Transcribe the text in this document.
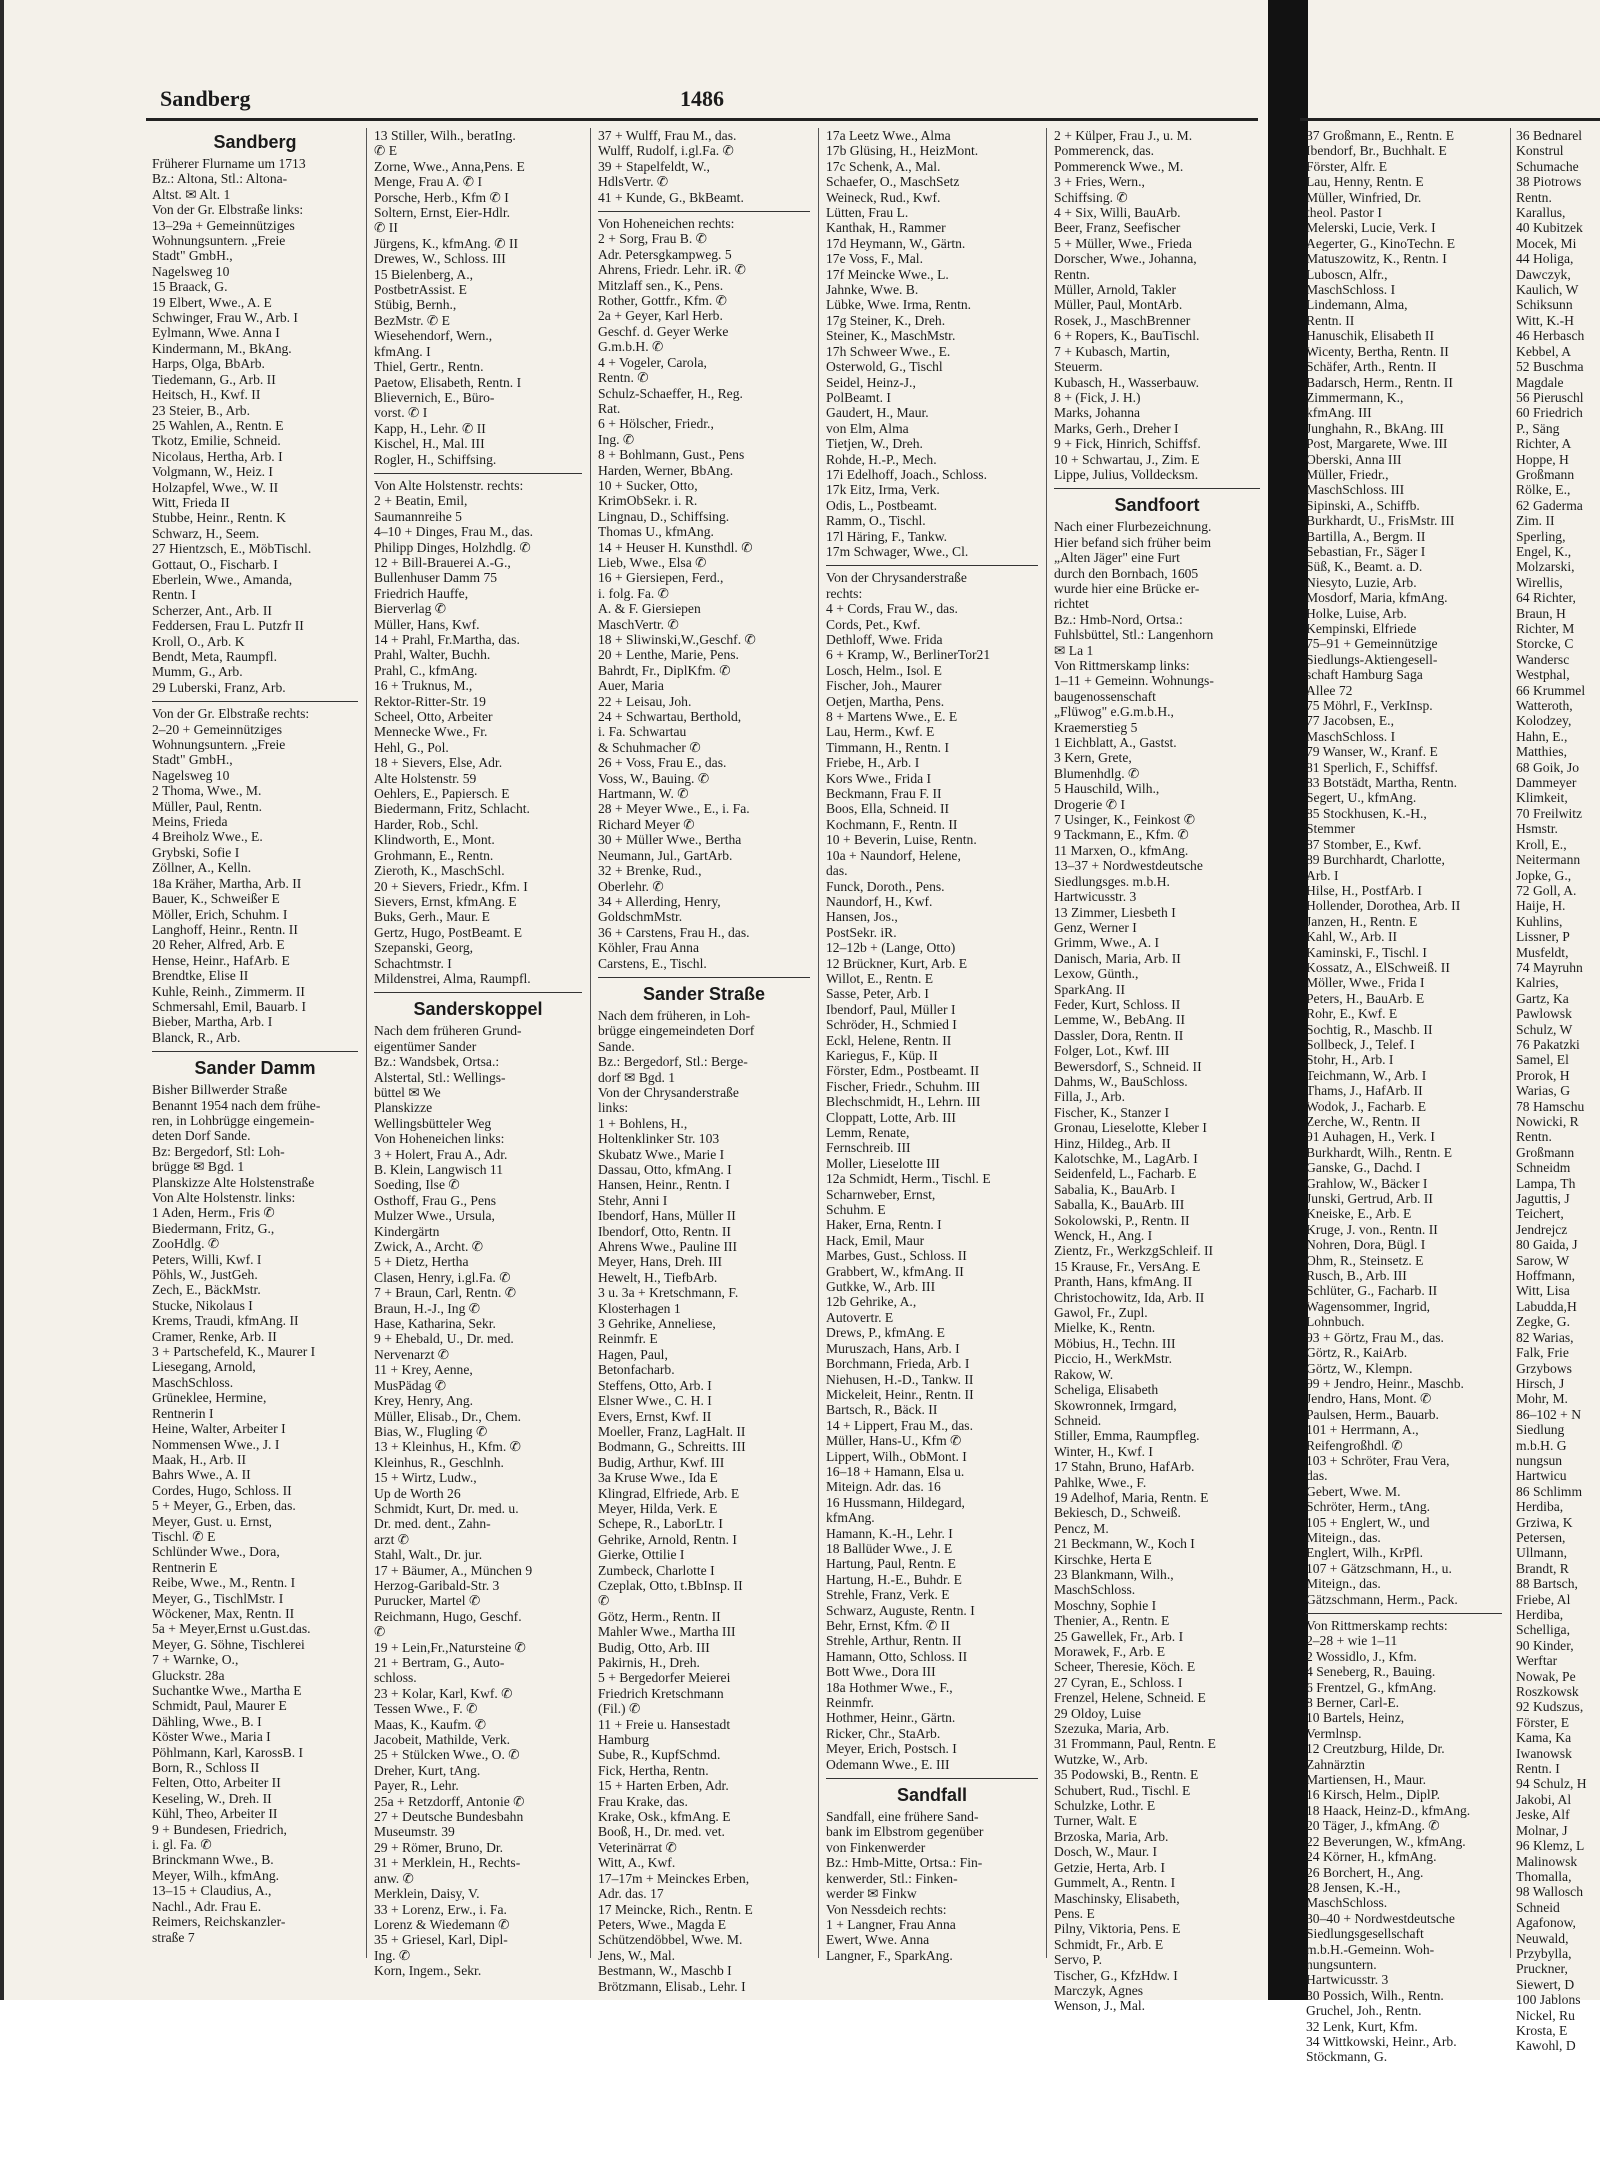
Sandberg	1486
Sandberg
Früherer Flurname um 1713
Bz.: Altona, Stl.: Altona-
Altst. ✉ Alt. 1
Von der Gr. Elbstraße links:
13–29a + Gemeinnütziges
Wohnungsuntern. „Freie
Stadt" GmbH.,
Nagelsweg 10
15 Braack, G.
19 Elbert, Wwe., A. E
Schwinger, Frau W., Arb. I
Eylmann, Wwe. Anna I
Kindermann, M., BkAng.
Harps, Olga, BbArb.
Tiedemann, G., Arb. II
Heitsch, H., Kwf. II
23 Steier, B., Arb.
25 Wahlen, A., Rentn. E
Tkotz, Emilie, Schneid.
Nicolaus, Hertha, Arb. I
Volgmann, W., Heiz. I
Holzapfel, Wwe., W. II
Witt, Frieda II
Stubbe, Heinr., Rentn. K
Schwarz, H., Seem.
27 Hientzsch, E., MöbTischl.
Gottaut, O., Fischarb. I
Eberlein, Wwe., Amanda,
Rentn. I
Scherzer, Ant., Arb. II
Feddersen, Frau L. Putzfr II
Kroll, O., Arb. K
Bendt, Meta, Raumpfl.
Mumm, G., Arb.
29 Luberski, Franz, Arb.
Von der Gr. Elbstraße rechts:
2–20 + Gemeinnütziges
Wohnungsuntern. „Freie
Stadt" GmbH.,
Nagelsweg 10
2 Thoma, Wwe., M.
Müller, Paul, Rentn.
Meins, Frieda
4 Breiholz Wwe., E.
Grybski, Sofie I
Zöllner, A., Kelln.
18a Kräher, Martha, Arb. II
Bauer, K., Schweißer E
Möller, Erich, Schuhm. I
Langhoff, Heinr., Rentn. II
20 Reher, Alfred, Arb. E
Hense, Heinr., HafArb. E
Brendtke, Elise II
Kuhle, Reinh., Zimmerm. II
Schmersahl, Emil, Bauarb. I
Bieber, Martha, Arb. I
Blanck, R., Arb.
Sander Damm
Bisher Billwerder Straße
Benannt 1954 nach dem frühe-
ren, in Lohbrügge eingemein-
deten Dorf Sande.
Bz: Bergedorf, Stl: Loh-
brügge ✉ Bgd. 1
Planskizze Alte Holstenstraße
Von Alte Holstenstr. links:
1 Aden, Herm., Fris ✆
Biedermann, Fritz, G.,
ZooHdlg. ✆
Peters, Willi, Kwf. I
Pöhls, W., JustGeh.
Zech, E., BäckMstr.
Stucke, Nikolaus I
Krems, Traudi, kfmAng. II
Cramer, Renke, Arb. II
3 + Partschefeld, K., Maurer I
Liesegang, Arnold,
MaschSchloss.
Grüneklee, Hermine,
Rentnerin I
Heine, Walter, Arbeiter I
Nommensen Wwe., J. I
Maak, H., Arb. II
Bahrs Wwe., A. II
Cordes, Hugo, Schloss. II
5 + Meyer, G., Erben, das.
Meyer, Gust. u. Ernst,
Tischl. ✆ E
Schlünder Wwe., Dora,
Rentnerin E
Reibe, Wwe., M., Rentn. I
Meyer, G., TischlMstr. I
Wöckener, Max, Rentn. II
5a + Meyer,Ernst u.Gust.das.
Meyer, G. Söhne, Tischlerei
7 + Warnke, O.,
Gluckstr. 28a
Suchantke Wwe., Martha E
Schmidt, Paul, Maurer E
Dähling, Wwe., B. I
Köster Wwe., Maria I
Pöhlmann, Karl, KarossB. I
Born, R., Schloss II
Felten, Otto, Arbeiter II
Keseling, W., Dreh. II
Kühl, Theo, Arbeiter II
9 + Bundesen, Friedrich,
i. gl. Fa. ✆
Brinckmann Wwe., B.
Meyer, Wilh., kfmAng.
13–15 + Claudius, A.,
Nachl., Adr. Frau E.
Reimers, Reichskanzler-
straße 7
13 Stiller, Wilh., beratIng.
✆ E
Zorne, Wwe., Anna,Pens. E
Menge, Frau A. ✆ I
Porsche, Herb., Kfm ✆ I
Soltern, Ernst, Eier-Hdlr.
✆ II
Jürgens, K., kfmAng. ✆ II
Drewes, W., Schloss. III
15 Bielenberg, A.,
PostbetrAssist. E
Stübig, Bernh.,
BezMstr. ✆ E
Wiesehendorf, Wern.,
kfmAng. I
Thiel, Gertr., Rentn.
Paetow, Elisabeth, Rentn. I
Blievernich, E., Büro-
vorst. ✆ I
Kapp, H., Lehr. ✆ II
Kischel, H., Mal. III
Rogler, H., Schiffsing.
Von Alte Holstenstr. rechts:
2 + Beatin, Emil,
Saumannreihe 5
4–10 + Dinges, Frau M., das.
Philipp Dinges, Holzhdlg. ✆
12 + Bill-Brauerei A.-G.,
Bullenhuser Damm 75
Friedrich Hauffe,
Bierverlag ✆
Müller, Hans, Kwf.
14 + Prahl, Fr.Martha, das.
Prahl, Walter, Buchh.
Prahl, C., kfmAng.
16 + Truknus, M.,
Rektor-Ritter-Str. 19
Scheel, Otto, Arbeiter
Mennecke Wwe., Fr.
Hehl, G., Pol.
18 + Sievers, Else, Adr.
Alte Holstenstr. 59
Oehlers, E., Papiersch. E
Biedermann, Fritz, Schlacht.
Harder, Rob., Schl.
Klindworth, E., Mont.
Grohmann, E., Rentn.
Zieroth, K., MaschSchl.
20 + Sievers, Friedr., Kfm. I
Sievers, Ernst, kfmAng. E
Buks, Gerh., Maur. E
Gertz, Hugo, PostBeamt. E
Szepanski, Georg,
Schachtmstr. I
Mildenstrei, Alma, Raumpfl.
Sanderskoppel
Nach dem früheren Grund-
eigentümer Sander
Bz.: Wandsbek, Ortsa.:
Alstertal, Stl.: Wellings-
büttel ✉ We
Planskizze
Wellingsbütteler Weg
Von Hoheneichen links:
3 + Holert, Frau A., Adr.
B. Klein, Langwisch 11
Soeding, Ilse ✆
Osthoff, Frau G., Pens
Mulzer Wwe., Ursula,
Kindergärtn
Zwick, A., Archt. ✆
5 + Dietz, Hertha
Clasen, Henry, i.gl.Fa. ✆
7 + Braun, Carl, Rentn. ✆
Braun, H.-J., Ing ✆
Hase, Katharina, Sekr.
9 + Ehebald, U., Dr. med.
Nervenarzt ✆
11 + Krey, Aenne,
MusPädag ✆
Krey, Henry, Ang.
Müller, Elisab., Dr., Chem.
Bias, W., Flugling ✆
13 + Kleinhus, H., Kfm. ✆
Kleinhus, R., Geschlnh.
15 + Wirtz, Ludw.,
Up de Worth 26
Schmidt, Kurt, Dr. med. u.
Dr. med. dent., Zahn-
arzt ✆
Stahl, Walt., Dr. jur.
17 + Bäumer, A., München 9
Herzog-Garibald-Str. 3
Purucker, Martel ✆
Reichmann, Hugo, Geschf.
✆
19 + Lein,Fr.,Natursteine ✆
21 + Bertram, G., Auto-
schloss.
23 + Kolar, Karl, Kwf. ✆
Tessen Wwe., F. ✆
Maas, K., Kaufm. ✆
Jacobeit, Mathilde, Verk.
25 + Stülcken Wwe., O. ✆
Dreher, Kurt, tAng.
Payer, R., Lehr.
25a + Retzdorff, Antonie ✆
27 + Deutsche Bundesbahn
Museumstr. 39
29 + Römer, Bruno, Dr.
31 + Merklein, H., Rechts-
anw. ✆
Merklein, Daisy, V.
33 + Lorenz, Erw., i. Fa.
Lorenz & Wiedemann ✆
35 + Griesel, Karl, Dipl-
Ing. ✆
Korn, Ingem., Sekr.
37 + Wulff, Frau M., das.
Wulff, Rudolf, i.gl.Fa. ✆
39 + Stapelfeldt, W.,
HdlsVertr. ✆
41 + Kunde, G., BkBeamt.
Von Hoheneichen rechts:
2 + Sorg, Frau B. ✆
Adr. Petersgkampweg. 5
Ahrens, Friedr. Lehr. iR. ✆
Mitzlaff sen., K., Pens.
Rother, Gottfr., Kfm. ✆
2a + Geyer, Karl Herb.
Geschf. d. Geyer Werke
G.m.b.H. ✆
4 + Vogeler, Carola,
Rentn. ✆
Schulz-Schaeffer, H., Reg.
Rat.
6 + Hölscher, Friedr.,
Ing. ✆
8 + Bohlmann, Gust., Pens
Harden, Werner, BbAng.
10 + Sucker, Otto,
KrimObSekr. i. R.
Lingnau, D., Schiffsing.
Thomas U., kfmAng.
14 + Heuser H. Kunsthdl. ✆
Lieb, Wwe., Elsa ✆
16 + Giersiepen, Ferd.,
i. folg. Fa. ✆
A. & F. Giersiepen
MaschVertr. ✆
18 + Sliwinski,W.,Geschf. ✆
20 + Lenthe, Marie, Pens.
Bahrdt, Fr., DiplKfm. ✆
Auer, Maria
22 + Leisau, Joh.
24 + Schwartau, Berthold,
i. Fa. Schwartau
& Schuhmacher ✆
26 + Voss, Frau E., das.
Voss, W., Bauing. ✆
Hartmann, W. ✆
28 + Meyer Wwe., E., i. Fa.
Richard Meyer ✆
30 + Müller Wwe., Bertha
Neumann, Jul., GartArb.
32 + Brenke, Rud.,
Oberlehr. ✆
34 + Allerding, Henry,
GoldschmMstr.
36 + Carstens, Frau H., das.
Köhler, Frau Anna
Carstens, E., Tischl.
Sander Straße
Nach dem früheren, in Loh-
brügge eingemeindeten Dorf
Sande.
Bz.: Bergedorf, Stl.: Berge-
dorf ✉ Bgd. 1
Von der Chrysanderstraße
links:
1 + Bohlens, H.,
Holtenklinker Str. 103
Skubatz Wwe., Marie I
Dassau, Otto, kfmAng. I
Hansen, Heinr., Rentn. I
Stehr, Anni I
Ibendorf, Hans, Müller II
Ibendorf, Otto, Rentn. II
Ahrens Wwe., Pauline III
Meyer, Hans, Dreh. III
Hewelt, H., TiefbArb.
3 u. 3a + Kretschmann, F.
Klosterhagen 1
3 Gehrike, Anneliese,
Reinmfr. E
Hagen, Paul,
Betonfacharb.
Steffens, Otto, Arb. I
Elsner Wwe., C. H. I
Evers, Ernst, Kwf. II
Moeller, Franz, LagHalt. II
Bodmann, G., Schreitts. III
Budig, Arthur, Kwf. III
3a Kruse Wwe., Ida E
Klingrad, Elfriede, Arb. E
Meyer, Hilda, Verk. E
Schepe, R., LaborLtr. I
Gehrike, Arnold, Rentn. I
Gierke, Ottilie I
Zumbeck, Charlotte I
Czeplak, Otto, t.BbInsp. II
✆
Götz, Herm., Rentn. II
Mahler Wwe., Martha III
Budig, Otto, Arb. III
Pakirnis, H., Dreh.
5 + Bergedorfer Meierei
Friedrich Kretschmann
(Fil.) ✆
11 + Freie u. Hansestadt
Hamburg
Sube, R., KupfSchmd.
Fick, Hertha, Rentn.
15 + Harten Erben, Adr.
Frau Krake, das.
Krake, Osk., kfmAng. E
Booß, H., Dr. med. vet.
Veterinärrat ✆
Witt, A., Kwf.
17–17m + Meinckes Erben,
Adr. das. 17
17 Meincke, Rich., Rentn. E
Peters, Wwe., Magda E
Schützendöbbel, Wwe. M.
Jens, W., Mal.
Bestmann, W., Maschb I
Brötzmann, Elisab., Lehr. I
17a Leetz Wwe., Alma
17b Glüsing, H., HeizMont.
17c Schenk, A., Mal.
Schaefer, O., MaschSetz
Weineck, Rud., Kwf.
Lütten, Frau L.
Kanthak, H., Rammer
17d Heymann, W., Gärtn.
17e Voss, F., Mal.
17f Meincke Wwe., L.
Jahnke, Wwe. B.
Lübke, Wwe. Irma, Rentn.
17g Steiner, K., Dreh.
Steiner, K., MaschMstr.
17h Schweer Wwe., E.
Osterwold, G., Tischl
Seidel, Heinz-J.,
PolBeamt. I
Gaudert, H., Maur.
von Elm, Alma
Tietjen, W., Dreh.
Rohde, H.-P., Mech.
17i Edelhoff, Joach., Schloss.
17k Eitz, Irma, Verk.
Odis, L., Postbeamt.
Ramm, O., Tischl.
17l Häring, F., Tankw.
17m Schwager, Wwe., Cl.
Von der Chrysanderstraße
rechts:
4 + Cords, Frau W., das.
Cords, Pet., Kwf.
Dethloff, Wwe. Frida
6 + Kramp, W., BerlinerTor21
Losch, Helm., Isol. E
Fischer, Joh., Maurer
Oetjen, Martha, Pens.
8 + Martens Wwe., E. E
Lau, Herm., Kwf. E
Timmann, H., Rentn. I
Friebe, H., Arb. I
Kors Wwe., Frida I
Beckmann, Frau F. II
Boos, Ella, Schneid. II
Kochmann, F., Rentn. II
10 + Beverin, Luise, Rentn.
10a + Naundorf, Helene,
das.
Funck, Doroth., Pens.
Naundorf, H., Kwf.
Hansen, Jos.,
PostSekr. iR.
12–12b + (Lange, Otto)
12 Brückner, Kurt, Arb. E
Willot, E., Rentn. E
Sasse, Peter, Arb. I
Ibendorf, Paul, Müller I
Schröder, H., Schmied I
Eckl, Helene, Rentn. II
Kariegus, F., Küp. II
Förster, Edm., Postbeamt. II
Fischer, Friedr., Schuhm. III
Blechschmidt, H., Lehrn. III
Cloppatt, Lotte, Arb. III
Lemm, Renate,
Fernschreib. III
Moller, Lieselotte III
12a Schmidt, Herm., Tischl. E
Scharnweber, Ernst,
Schuhm. E
Haker, Erna, Rentn. I
Hack, Emil, Maur
Marbes, Gust., Schloss. II
Grabbert, W., kfmAng. II
Gutkke, W., Arb. III
12b Gehrike, A.,
Autovertr. E
Drews, P., kfmAng. E
Muruszach, Hans, Arb. I
Borchmann, Frieda, Arb. I
Niehusen, H.-D., Tankw. II
Mickeleit, Heinr., Rentn. II
Bartsch, R., Bäck. II
14 + Lippert, Frau M., das.
Müller, Hans-U., Kfm ✆
Lippert, Wilh., ObMont. I
16–18 + Hamann, Elsa u.
Miteign. Adr. das. 16
16 Hussmann, Hildegard,
kfmAng.
Hamann, K.-H., Lehr. I
18 Ballüder Wwe., J. E
Hartung, Paul, Rentn. E
Hartung, H.-E., Buhdr. E
Strehle, Franz, Verk. E
Schwarz, Auguste, Rentn. I
Behr, Ernst, Kfm. ✆ II
Strehle, Arthur, Rentn. II
Hamann, Otto, Schloss. II
Bott Wwe., Dora III
18a Hothmer Wwe., F.,
Reinmfr.
Hothmer, Heinr., Gärtn.
Ricker, Chr., StaArb.
Meyer, Erich, Postsch. I
Odemann Wwe., E. III
Sandfall
Sandfall, eine frühere Sand-
bank im Elbstrom gegenüber
von Finkenwerder
Bz.: Hmb-Mitte, Ortsa.: Fin-
kenwerder, Stl.: Finken-
werder ✉ Finkw
Von Nessdeich rechts:
1 + Langner, Frau Anna
Ewert, Wwe. Anna
Langner, F., SparkAng.
2 + Külper, Frau J., u. M.
Pommerenck, das.
Pommerenck Wwe., M.
3 + Fries, Wern.,
Schiffsing. ✆
4 + Six, Willi, BauArb.
Beer, Franz, Seefischer
5 + Müller, Wwe., Frieda
Dorscher, Wwe., Johanna,
Rentn.
Müller, Arnold, Takler
Müller, Paul, MontArb.
Rosek, J., MaschBrenner
6 + Ropers, K., BauTischl.
7 + Kubasch, Martin,
Steuerm.
Kubasch, H., Wasserbauw.
8 + (Fick, J. H.)
Marks, Johanna
Marks, Gerh., Dreher I
9 + Fick, Hinrich, Schiffsf.
10 + Schwartau, J., Zim. E
Lippe, Julius, Volldecksm.
Sandfoort
Nach einer Flurbezeichnung.
Hier befand sich früher beim
„Alten Jäger" eine Furt
durch den Bornbach, 1605
wurde hier eine Brücke er-
richtet
Bz.: Hmb-Nord, Ortsa.:
Fuhlsbüttel, Stl.: Langenhorn
✉ La 1
Von Rittmerskamp links:
1–11 + Gemeinn. Wohnungs-
baugenossenschaft
„Flüwog" e.G.m.b.H.,
Kraemerstieg 5
1 Eichblatt, A., Gastst.
3 Kern, Grete,
Blumenhdlg. ✆
5 Hauschild, Wilh.,
Drogerie ✆ I
7 Usinger, K., Feinkost ✆
9 Tackmann, E., Kfm. ✆
11 Marxen, O., kfmAng.
13–37 + Nordwestdeutsche
Siedlungsges. m.b.H.
Hartwicusstr. 3
13 Zimmer, Liesbeth I
Genz, Werner I
Grimm, Wwe., A. I
Danisch, Maria, Arb. II
Lexow, Günth.,
SparkAng. II
Feder, Kurt, Schloss. II
Lemme, W., BebAng. II
Dassler, Dora, Rentn. II
Folger, Lot., Kwf. III
Bewersdorf, S., Schneid. II
Dahms, W., BauSchloss.
Filla, J., Arb.
Fischer, K., Stanzer I
Gronau, Lieselotte, Kleber I
Hinz, Hildeg., Arb. II
Kalotschke, M., LagArb. I
Seidenfeld, L., Facharb. E
Sabalia, K., BauArb. I
Saballa, K., BauArb. III
Sokolowski, P., Rentn. II
Wenck, H., Ang. I
Zientz, Fr., WerkzgSchleif. II
15 Krause, Fr., VersAng. E
Pranth, Hans, kfmAng. II
Christochowitz, Ida, Arb. II
Gawol, Fr., Zupl.
Mielke, K., Rentn.
Möbius, H., Techn. III
Piccio, H., WerkMstr.
Rakow, W.
Scheliga, Elisabeth
Skowronnek, Irmgard,
Schneid.
Stiller, Emma, Raumpfleg.
Winter, H., Kwf. I
17 Stahn, Bruno, HafArb.
Pahlke, Wwe., F.
19 Adelhof, Maria, Rentn. E
Bekiesch, D., Schweiß.
Pencz, M.
21 Beckmann, W., Koch I
Kirschke, Herta E
23 Blankmann, Wilh.,
MaschSchloss.
Moschny, Sophie I
Thenier, A., Rentn. E
25 Gawellek, Fr., Arb. I
Morawek, F., Arb. E
Scheer, Theresie, Köch. E
27 Cyran, E., Schloss. I
Frenzel, Helene, Schneid. E
29 Oldoy, Luise
Szezuka, Maria, Arb.
31 Frommann, Paul, Rentn. E
Wutzke, W., Arb.
35 Podowski, B., Rentn. E
Schubert, Rud., Tischl. E
Schulzke, Lothr. E
Turner, Walt. E
Brzoska, Maria, Arb.
Dosch, W., Maur. I
Getzie, Herta, Arb. I
Gummelt, A., Rentn. I
Maschinsky, Elisabeth,
Pens. E
Pilny, Viktoria, Pens. E
Schmidt, Fr., Arb. E
Servo, P.
Tischer, G., KfzHdw. I
Marczyk, Agnes
Wenson, J., Mal.
37 Großmann, E., Rentn. E
Ibendorf, Br., Buchhalt. E
Förster, Alfr. E
Lau, Henny, Rentn. E
Müller, Winfried, Dr.
theol. Pastor I
Melerski, Lucie, Verk. I
Aegerter, G., KinoTechn. E
Matuszowitz, K., Rentn. I
Luboscn, Alfr.,
MaschSchloss. I
Lindemann, Alma,
Rentn. II
Hanuschik, Elisabeth II
Wicenty, Bertha, Rentn. II
Schäfer, Arth., Rentn. II
Badarsch, Herm., Rentn. II
Zimmermann, K.,
kfmAng. III
Junghahn, R., BkAng. III
Post, Margarete, Wwe. III
Oberski, Anna III
Müller, Friedr.,
MaschSchloss. III
Sipinski, A., Schiffb.
Burkhardt, U., FrisMstr. III
Bartilla, A., Bergm. II
Sebastian, Fr., Säger I
Süß, K., Beamt. a. D.
Niesyto, Luzie, Arb.
Mosdorf, Maria, kfmAng.
Holke, Luise, Arb.
Kempinski, Elfriede
75–91 + Gemeinnützige
Siedlungs-Aktiengesell-
schaft Hamburg Saga
Allee 72
75 Möhrl, F., VerkInsp.
77 Jacobsen, E.,
MaschSchloss. I
79 Wanser, W., Kranf. E
81 Sperlich, F., Schiffsf.
83 Botstädt, Martha, Rentn.
Segert, U., kfmAng.
85 Stockhusen, K.-H.,
Stemmer
87 Stomber, E., Kwf.
89 Burchhardt, Charlotte,
Arb. I
Hilse, H., PostfArb. I
Hollender, Dorothea, Arb. II
Janzen, H., Rentn. E
Kahl, W., Arb. II
Kaminski, F., Tischl. I
Kossatz, A., ElSchweiß. II
Möller, Wwe., Frida I
Peters, H., BauArb. E
Rohr, E., Kwf. E
Sochtig, R., Maschb. II
Sollbeck, J., Telef. I
Stohr, H., Arb. I
Teichmann, W., Arb. I
Thams, J., HafArb. II
Wodok, J., Facharb. E
Zerche, W., Rentn. II
91 Auhagen, H., Verk. I
Burkhardt, Wilh., Rentn. E
Ganske, G., Dachd. I
Grahlow, W., Bäcker I
Junski, Gertrud, Arb. II
Kneiske, E., Arb. E
Kruge, J. von., Rentn. II
Nohren, Dora, Bügl. I
Ohm, R., Steinsetz. E
Rusch, B., Arb. III
Schlüter, G., Facharb. II
Wagensommer, Ingrid,
Lohnbuch.
93 + Görtz, Frau M., das.
Görtz, R., KaiArb.
Görtz, W., Klempn.
99 + Jendro, Heinr., Maschb.
Jendro, Hans, Mont. ✆
Paulsen, Herm., Bauarb.
101 + Herrmann, A.,
Reifengroßhdl. ✆
103 + Schröter, Frau Vera,
das.
Gebert, Wwe. M.
Schröter, Herm., tAng.
105 + Englert, W., und
Miteign., das.
Englert, Wilh., KrPfl.
107 + Gätzschmann, H., u.
Miteign., das.
Gätzschmann, Herm., Pack.
Von Rittmerskamp rechts:
2–28 + wie 1–11
2 Wossidlo, J., Kfm.
4 Seneberg, R., Bauing.
6 Frentzel, G., kfmAng.
8 Berner, Carl-E.
10 Bartels, Heinz,
Vermlnsp.
12 Creutzburg, Hilde, Dr.
Zahnärztin
Martiensen, H., Maur.
16 Kirsch, Helm., DiplP.
18 Haack, Heinz-D., kfmAng.
20 Täger, J., kfmAng. ✆
22 Beverungen, W., kfmAng.
24 Körner, H., kfmAng.
26 Borchert, H., Ang.
28 Jensen, K.-H.,
MaschSchloss.
30–40 + Nordwestdeutsche
Siedlungsgesellschaft
m.b.H.-Gemeinn. Woh-
nungsuntern.
Hartwicusstr. 3
30 Possich, Wilh., Rentn.
Gruchel, Joh., Rentn.
32 Lenk, Kurt, Kfm.
34 Wittkowski, Heinr., Arb.
Stöckmann, G.
36 Bednarel
Konstrul
Schumache
38 Piotrows
Rentn.
Karallus,
40 Kubitzek
Mocek, Mi
44 Holiga,
Dawczyk,
Kaulich, W
Schiksunn
Witt, K.-H
46 Herbasch
Kebbel, A
52 Buschma
Magdale
56 Pieruschl
60 Friedrich
P., Säng
Richter, A
Hoppe, H
Großmann
Rölke, E.,
62 Gaderma
Zim. II
Sperling,
Engel, K.,
Molzarski,
Wirellis,
64 Richter,
Braun, H
Richter, M
Storcke, C
Wandersc
Westphal,
66 Krummel
Watteroth,
Kolodzey,
Hahn, E.,
Matthies,
68 Goik, Jo
Dammeyer
Klimkeit,
70 Freilwitz
Hsmstr.
Kroll, E.,
Neitermann
Jopke, G.,
72 Goll, A.
Haije, H.
Kuhlins,
Lissner, P
Musfeldt,
74 Mayruhn
Kalries,
Gartz, Ka
Pawlowsk
Schulz, W
76 Pakatzki
Samel, El
Prorok, H
Warias, G
78 Hamschu
Nowicki, R
Rentn.
Großmann
Schneidm
Lampa, Th
Jaguttis, J
Teichert,
Jendrejcz
80 Gaida, J
Sarow, W
Hoffmann,
Witt, Lisa
Labudda,H
Zegke, G.
82 Warias,
Falk, Frie
Grzybows
Hirsch, J
Mohr, M.
86–102 + N
Siedlung
m.b.H. G
nungsun
Hartwicu
86 Schlimm
Herdiba,
Grziwa, K
Petersen,
Ullmann,
Brandt, R
88 Bartsch,
Friebe, Al
Herdiba,
Schelliga,
90 Kinder,
Werftar
Nowak, Pe
Roszkowsk
92 Kudszus,
Förster, E
Kama, Ka
Iwanowsk
Rentn. I
94 Schulz, H
Jakobi, Al
Jeske, Alf
Molnar, J
96 Klemz, L
Malinowsk
Thomalla,
98 Wallosch
Schneid
Agafonow,
Neuwald,
Przybylla,
Pruckner,
Siewert, D
100 Jablons
Nickel, Ru
Krosta, E
Kawohl, D
